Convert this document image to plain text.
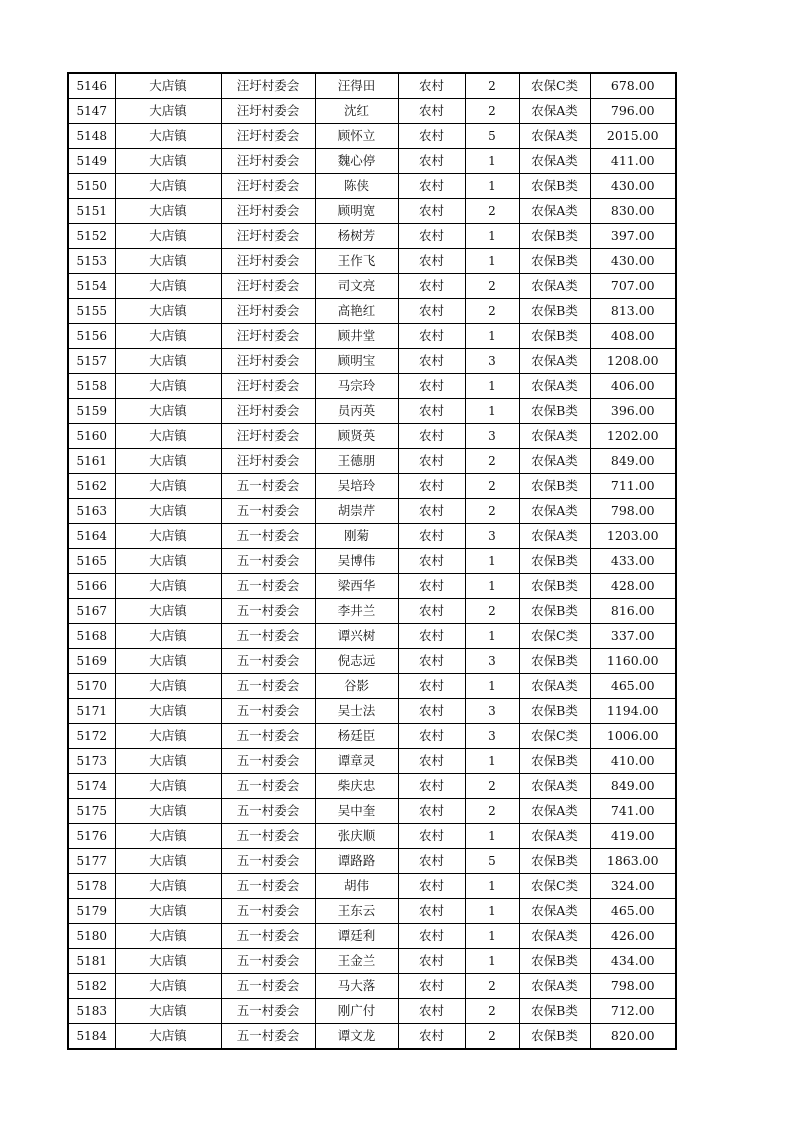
5146	大店镇	汪圩村委会	汪得田	农村	2	农保C类	678.00
5147	大店镇	汪圩村委会	沈红	农村	2	农保A类	796.00
5148	大店镇	汪圩村委会	顾怀立	农村	5	农保A类	2015.00
5149	大店镇	汪圩村委会	魏心停	农村	1	农保A类	411.00
5150	大店镇	汪圩村委会	陈侠	农村	1	农保B类	430.00
5151	大店镇	汪圩村委会	顾明宽	农村	2	农保A类	830.00
5152	大店镇	汪圩村委会	杨树芳	农村	1	农保B类	397.00
5153	大店镇	汪圩村委会	王作飞	农村	1	农保B类	430.00
5154	大店镇	汪圩村委会	司文亮	农村	2	农保A类	707.00
5155	大店镇	汪圩村委会	高艳红	农村	2	农保B类	813.00
5156	大店镇	汪圩村委会	顾井堂	农村	1	农保B类	408.00
5157	大店镇	汪圩村委会	顾明宝	农村	3	农保A类	1208.00
5158	大店镇	汪圩村委会	马宗玲	农村	1	农保A类	406.00
5159	大店镇	汪圩村委会	员丙英	农村	1	农保B类	396.00
5160	大店镇	汪圩村委会	顾贤英	农村	3	农保A类	1202.00
5161	大店镇	汪圩村委会	王德朋	农村	2	农保A类	849.00
5162	大店镇	五一村委会	吴培玲	农村	2	农保B类	711.00
5163	大店镇	五一村委会	胡崇芹	农村	2	农保A类	798.00
5164	大店镇	五一村委会	刚菊	农村	3	农保A类	1203.00
5165	大店镇	五一村委会	吴博伟	农村	1	农保B类	433.00
5166	大店镇	五一村委会	梁西华	农村	1	农保B类	428.00
5167	大店镇	五一村委会	李井兰	农村	2	农保B类	816.00
5168	大店镇	五一村委会	谭兴树	农村	1	农保C类	337.00
5169	大店镇	五一村委会	倪志远	农村	3	农保B类	1160.00
5170	大店镇	五一村委会	谷影	农村	1	农保A类	465.00
5171	大店镇	五一村委会	吴士法	农村	3	农保B类	1194.00
5172	大店镇	五一村委会	杨廷臣	农村	3	农保C类	1006.00
5173	大店镇	五一村委会	谭章灵	农村	1	农保B类	410.00
5174	大店镇	五一村委会	柴庆忠	农村	2	农保A类	849.00
5175	大店镇	五一村委会	吴中奎	农村	2	农保A类	741.00
5176	大店镇	五一村委会	张庆顺	农村	1	农保A类	419.00
5177	大店镇	五一村委会	谭路路	农村	5	农保B类	1863.00
5178	大店镇	五一村委会	胡伟	农村	1	农保C类	324.00
5179	大店镇	五一村委会	王东云	农村	1	农保A类	465.00
5180	大店镇	五一村委会	谭廷利	农村	1	农保A类	426.00
5181	大店镇	五一村委会	王金兰	农村	1	农保B类	434.00
5182	大店镇	五一村委会	马大落	农村	2	农保A类	798.00
5183	大店镇	五一村委会	刚广付	农村	2	农保B类	712.00
5184	大店镇	五一村委会	谭文龙	农村	2	农保B类	820.00
